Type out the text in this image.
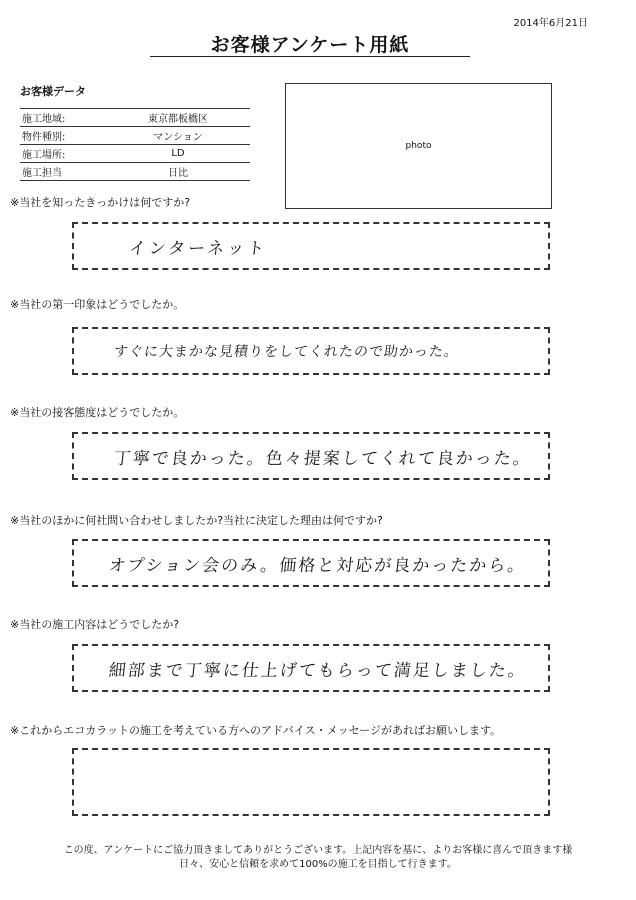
2014年6月21日
お客様アンケート用紙
お客様データ
施工地域:	東京都板橋区
物件種別:	マンション
施工場所:	LD
施工担当	日比
photo
※当社を知ったきっかけは何ですか?
インターネット
※当社の第一印象はどうでしたか。
すぐに大まかな見積りをしてくれたので助かった。
※当社の接客態度はどうでしたか。
丁寧で良かった。色々提案してくれて良かった。
※当社のほかに何社問い合わせしましたか?当社に決定した理由は何ですか?
オプション会のみ。価格と対応が良かったから。
※当社の施工内容はどうでしたか?
細部まで丁寧に仕上げてもらって満足しました。
※これからエコカラットの施工を考えている方へのアドバイス・メッセージがあればお願いします。
この度、アンケートにご協力頂きましてありがとうございます。上記内容を基に、よりお客様に喜んで頂きます様
日々、安心と信頼を求めて100%の施工を目指して行きます。
